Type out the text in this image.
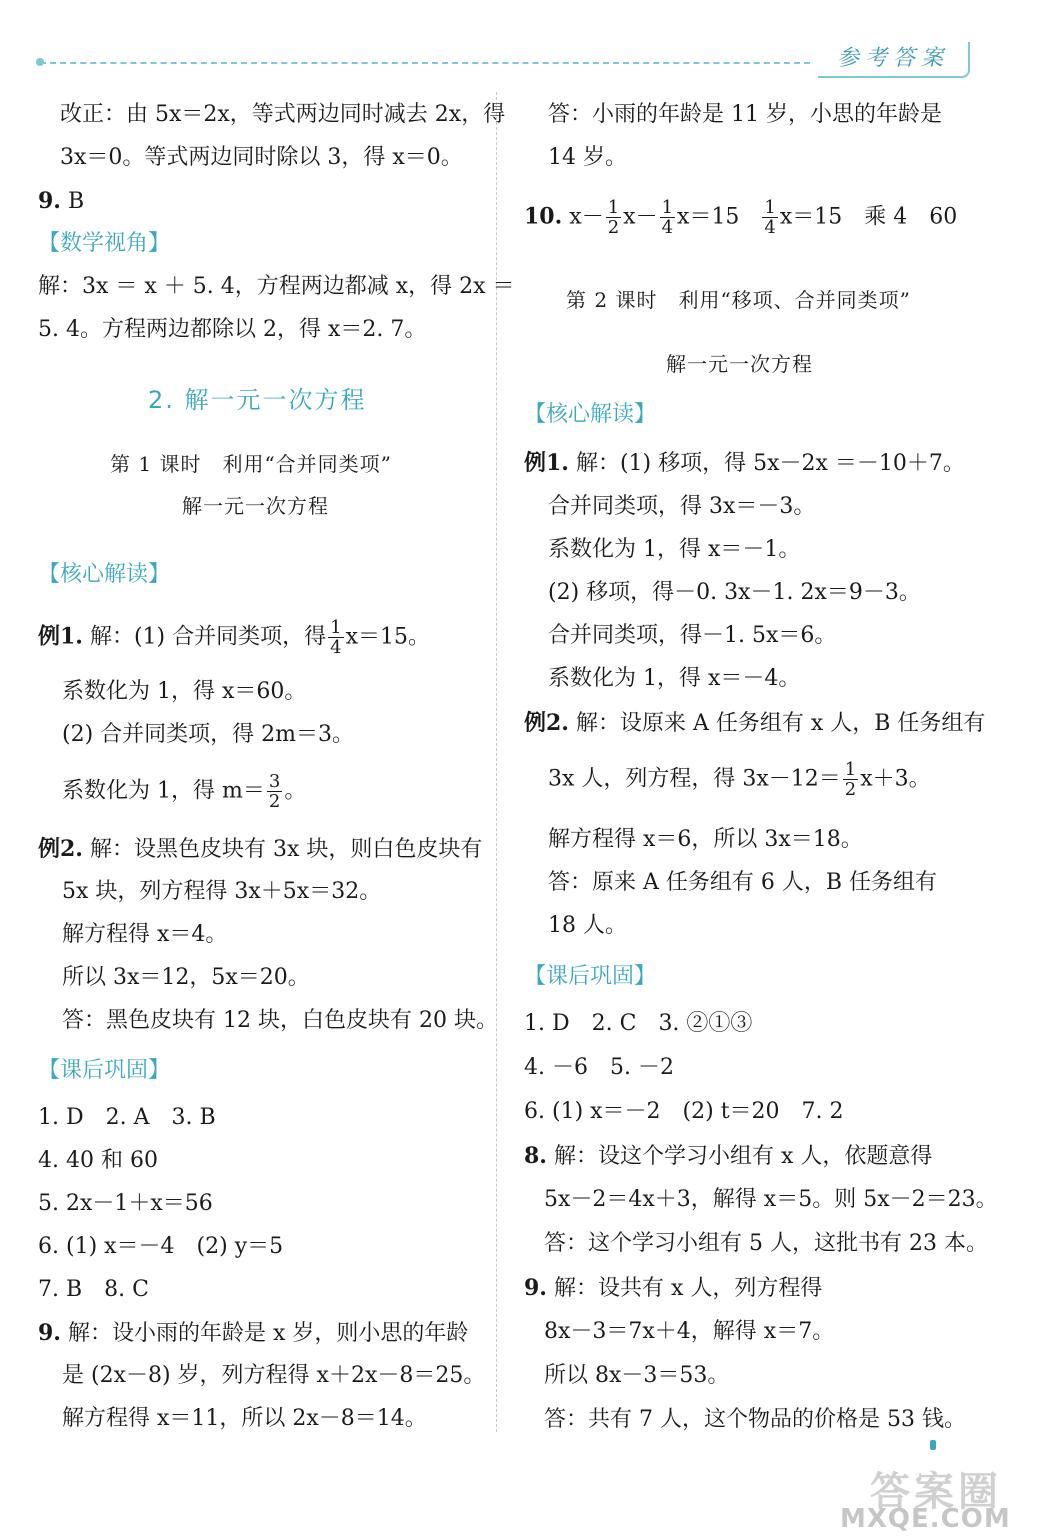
参考答案
改正：由 5x＝2x，等式两边同时减去 2x，得
3x＝0。等式两边同时除以 3，得 x＝0。
9. B
【数学视角】
解：3x ＝ x ＋ 5. 4，方程两边都减 x，得 2x ＝
5. 4。方程两边都除以 2，得 x＝2. 7。
2. 解一元一次方程
第 1 课时　利用“合并同类项”
解一元一次方程
【核心解读】
例1. 解：(1) 合并同类项，得 $\frac{1}{4} x=15$。
系数化为 1，得 x＝60。
(2) 合并同类项，得 2m＝3。
系数化为 1，得 $m= \frac{3}{2}$ 。
例2. 解：设黑色皮块有 3x 块，则白色皮块有
5x 块，列方程得 3x＋5x＝32。
解方程得 x＝4。
所以 3x＝12，5x＝20。
答：黑色皮块有 12 块，白色皮块有 20 块。
【课后巩固】
1. D　2. A　3. B
4. 40 和 60
5. 2x－1＋x＝56
6. (1) x＝－4　(2) y＝5
7. B　8. C
9. 解：设小雨的年龄是 x 岁，则小思的年龄
是 (2x－8) 岁，列方程得 x＋2x－8＝25。
解方程得 x＝11，所以 2x－8＝14。
答：小雨的年龄是 11 岁，小思的年龄是
14 岁。
10. $x- \frac{1}{2} x- \frac{1}{4} x=15 \frac{1}{4} x=15$　乘 4　60
第 2 课时　利用“移项、合并同类项”
解一元一次方程
【核心解读】
例1. 解：(1) 移项，得 5x－2x ＝－10＋7。
合并同类项，得 3x＝－3。
系数化为 1，得 x＝－1。
(2) 移项，得－0. 3x－1. 2x＝9－3。
合并同类项，得－1. 5x＝6。
系数化为 1，得 x＝－4。
例2. 解：设原来 A 任务组有 x 人，B 任务组有
3x 人，列方程，得 $3x-12= \frac{1}{2} x+3$。
解方程得 x＝6，所以 3x＝18。
答：原来 A 任务组有 6 人，B 任务组有
18 人。
【课后巩固】
1. D　2. C　3. ②①③
4. －6　5. －2
6. (1) x＝－2　(2) t＝20　7. 2
8. 解：设这个学习小组有 x 人，依题意得
5x－2＝4x＋3，解得 x＝5。则 5x－2＝23。
答：这个学习小组有 5 人，这批书有 23 本。
9. 解：设共有 x 人，列方程得
8x－3＝7x＋4，解得 x＝7。
所以 8x－3＝53。
答：共有 7 人，这个物品的价格是 53 钱。
答案圈
MXQE.COM
